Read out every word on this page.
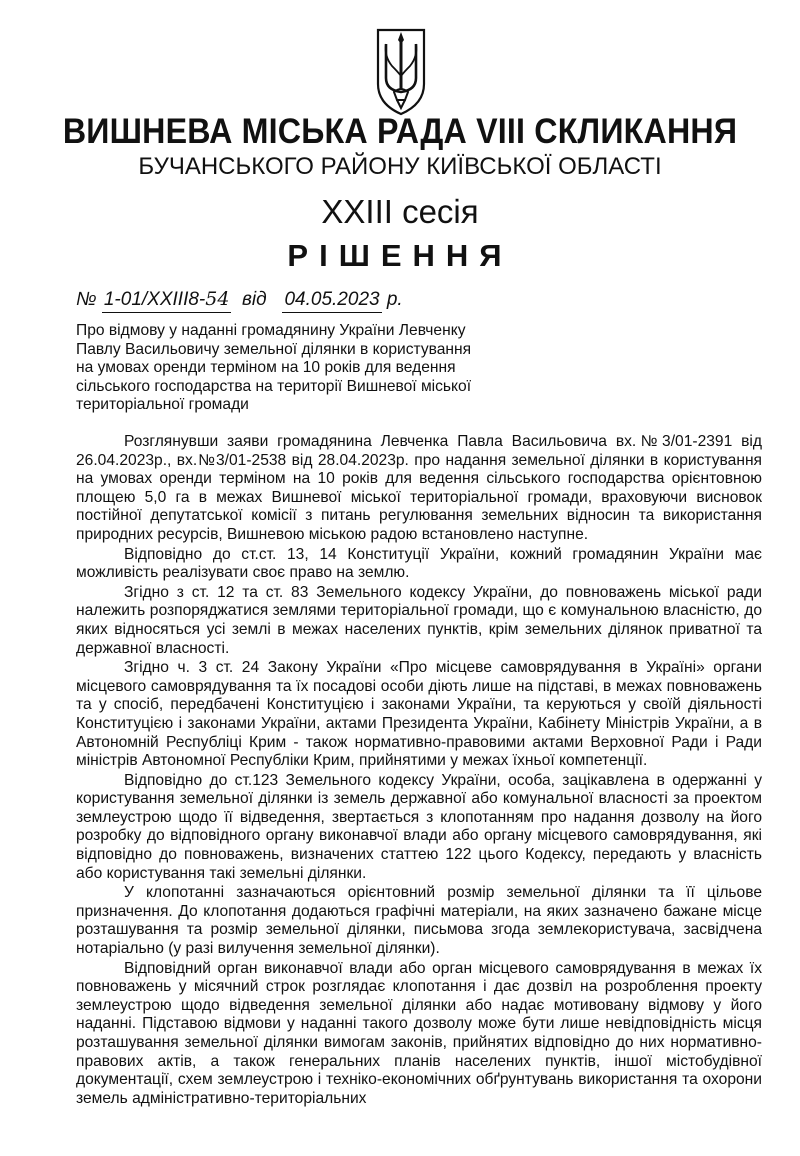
ВИШНЕВА МІСЬКА РАДА VIII СКЛИКАННЯ
БУЧАНСЬКОГО РАЙОНУ КИЇВСЬКОЇ ОБЛАСТІ
XXIII сесія
РІШЕННЯ
№ 1-01/XXIII8-54 від 04.05.2023 р.
Про відмову у наданні громадянину України Левченку
Павлу Васильовичу земельної ділянки в користування
на умовах оренди терміном на 10 років для ведення
сільського господарства на території Вишневої міської
територіальної громади

Розглянувши заяви громадянина Левченка Павла Васильовича вх.№3/01-2391 від 26.04.2023р., вх.№3/01-2538 від 28.04.2023р. про надання земельної ділянки в користування на умовах оренди терміном на 10 років для ведення сільського господарства орієнтовною площею 5,0 га в межах Вишневої міської територіальної громади, враховуючи висновок постійної депутатської комісії з питань регулювання земельних відносин та використання природних ресурсів, Вишневою міською радою встановлено наступне.

Відповідно до ст.ст. 13, 14 Конституції України, кожний громадянин України має можливість реалізувати своє право на землю.

Згідно з ст. 12 та ст. 83 Земельного кодексу України, до повноважень міської ради належить розпоряджатися землями територіальної громади, що є комунальною власністю, до яких відносяться усі землі в межах населених пунктів, крім земельних ділянок приватної та державної власності.

Згідно ч. 3 ст. 24 Закону України «Про місцеве самоврядування в Україні» органи місцевого самоврядування та їх посадові особи діють лише на підставі, в межах повноважень та у спосіб, передбачені Конституцією і законами України, та керуються у своїй діяльності Конституцією і законами України, актами Президента України, Кабінету Міністрів України, а в Автономній Республіці Крим - також нормативно-правовими актами Верховної Ради і Ради міністрів Автономної Республіки Крим, прийнятими у межах їхньої компетенції.

Відповідно до ст.123 Земельного кодексу України, особа, зацікавлена в одержанні у користування земельної ділянки із земель державної або комунальної власності за проектом землеустрою щодо її відведення, звертається з клопотанням про надання дозволу на його розробку до відповідного органу виконавчої влади або органу місцевого самоврядування, які відповідно до повноважень, визначених статтею 122 цього Кодексу, передають у власність або користування такі земельні ділянки.

У клопотанні зазначаються орієнтовний розмір земельної ділянки та її цільове призначення. До клопотання додаються графічні матеріали, на яких зазначено бажане місце розташування та розмір земельної ділянки, письмова згода землекористувача, засвідчена нотаріально (у разі вилучення земельної ділянки).

Відповідний орган виконавчої влади або орган місцевого самоврядування в межах їх повноважень у місячний строк розглядає клопотання і дає дозвіл на розроблення проекту землеустрою щодо відведення земельної ділянки або надає мотивовану відмову у його наданні. Підставою відмови у наданні такого дозволу може бути лише невідповідність місця розташування земельної ділянки вимогам законів, прийнятих відповідно до них нормативно-правових актів, а також генеральних планів населених пунктів, іншої містобудівної документації, схем землеустрою і техніко-економічних обґрунтувань використання та охорони земель адміністративно-територіальних
